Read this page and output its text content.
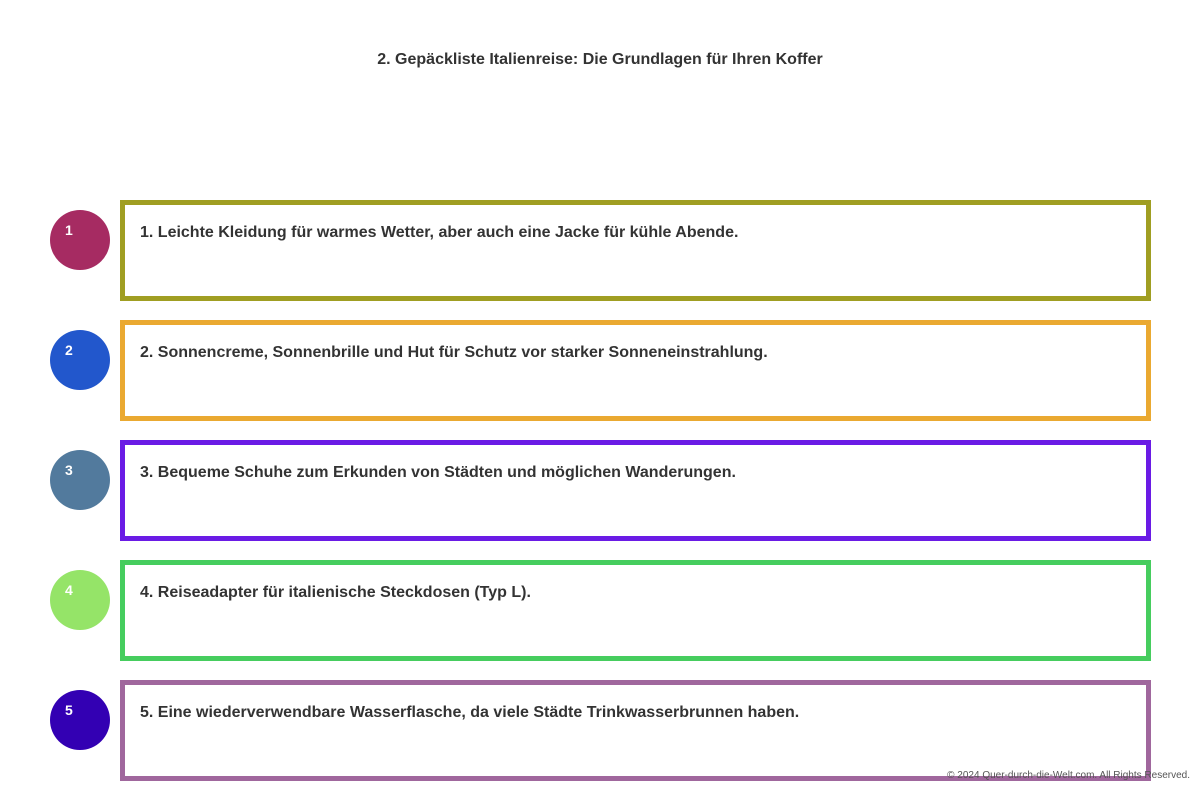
2. Gepäckliste Italienreise: Die Grundlagen für Ihren Koffer
1	1. Leichte Kleidung für warmes Wetter, aber auch eine Jacke für kühle Abende.
2	2. Sonnencreme, Sonnenbrille und Hut für Schutz vor starker Sonneneinstrahlung.
3	3. Bequeme Schuhe zum Erkunden von Städten und möglichen Wanderungen.
4	4. Reiseadapter für italienische Steckdosen (Typ L).
5	5. Eine wiederverwendbare Wasserflasche, da viele Städte Trinkwasserbrunnen haben.
© 2024 Quer-durch-die-Welt.com. All Rights Reserved.
